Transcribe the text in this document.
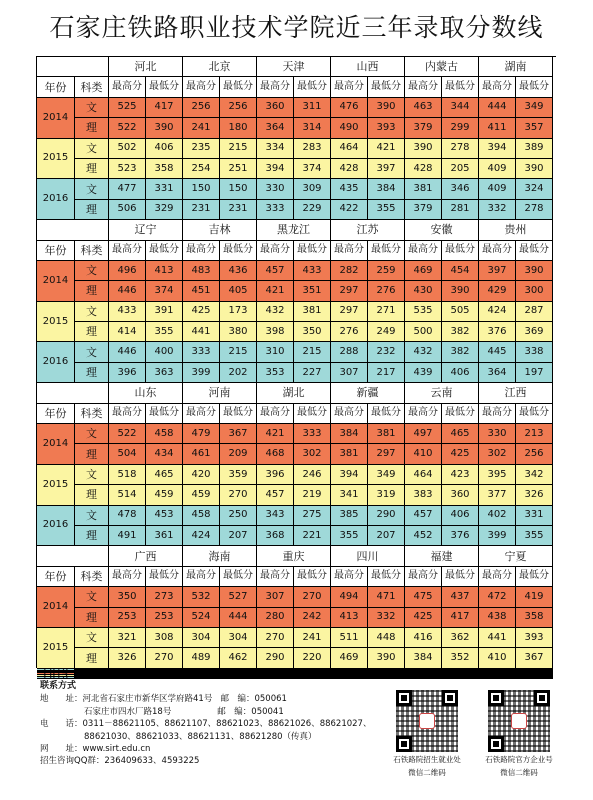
石家庄铁路职业技术学院近三年录取分数线
河北	北京	天津	山西	内蒙古	湖南
年份	科类 最高分 最低分 最高分 最低分 最高分 最低分 最高分 最低分 最高分 最低分 最高分 最低分
2014
文	525	417	256	256	360	311	476	390	463	344	444	349
理	522	390	241	180	364	314	490	393	379	299	411	357
2015
文	502	406	235	215	334	283	464	421	390	278	394	389
理	523	358	254	251	394	374	428	397	428	205	409	390
2016
文	477	331	150	150	330	309	435	384	381	346	409	324
理	506	329	231	231	333	229	422	355	379	281	332	278
辽宁	吉林	黑龙江	江苏	安徽	贵州
年份	科类 最高分 最低分 最高分 最低分 最高分 最低分 最高分 最低分 最高分 最低分 最高分 最低分
2014
文	496	413	483	436	457	433	282	259	469	454	397	390
理	446	374	451	405	421	351	297	276	430	390	429	300
2015
文	433	391	425	173	432	381	297	271	535	505	424	287
理	414	355	441	380	398	350	276	249	500	382	376	369
2016
文	446	400	333	215	310	215	288	232	432	382	445	338
理	396	363	399	202	353	227	307	217	439	406	364	197
山东	河南	湖北	新疆	云南	江西
年份	科类 最高分 最低分 最高分 最低分 最高分 最低分 最高分 最低分 最高分 最低分 最高分 最低分
2014
文	522	458	479	367	421	333	384	381	497	465	330	213
理	504	434	461	209	468	302	381	297	410	425	302	256
2015
文	518	465	420	359	396	246	394	349	464	423	395	342
理	514	459	459	270	457	219	341	319	383	360	377	326
2016
文	478	453	458	250	343	275	385	290	457	406	402	331
理	491	361	424	207	368	221	355	207	452	376	399	355
广西	海南	重庆	四川	福建	宁夏
年份	科类 最高分 最低分 最高分 最低分 最高分 最低分 最高分 最低分 最高分 最低分 最高分 最低分
2014
文	350	273	532	527	307	270	494	471	475	437	472	419
理	253	253	524	444	280	242	413	332	425	417	438	358
2015
文	321	308	304	304	270	241	511	448	416	362	441	393
理	326	270	489	462	290	220	469	390	384	352	410	367
联系方式
地　　址：河北省石家庄市新华区学府路41号 邮　编：050061
石家庄市四水厂路18号	邮　编：050041
电　　话：0311－88621105、88621107、88621023、88621026、88621027、
88621030、88621033、88621131、88621280（传真）
网　　址：www.sirt.edu.cn
招生咨询QQ群：236409633、4593225	石铁路院招生就业处
微信二维码
石铁路院官方企业号
微信二维码
